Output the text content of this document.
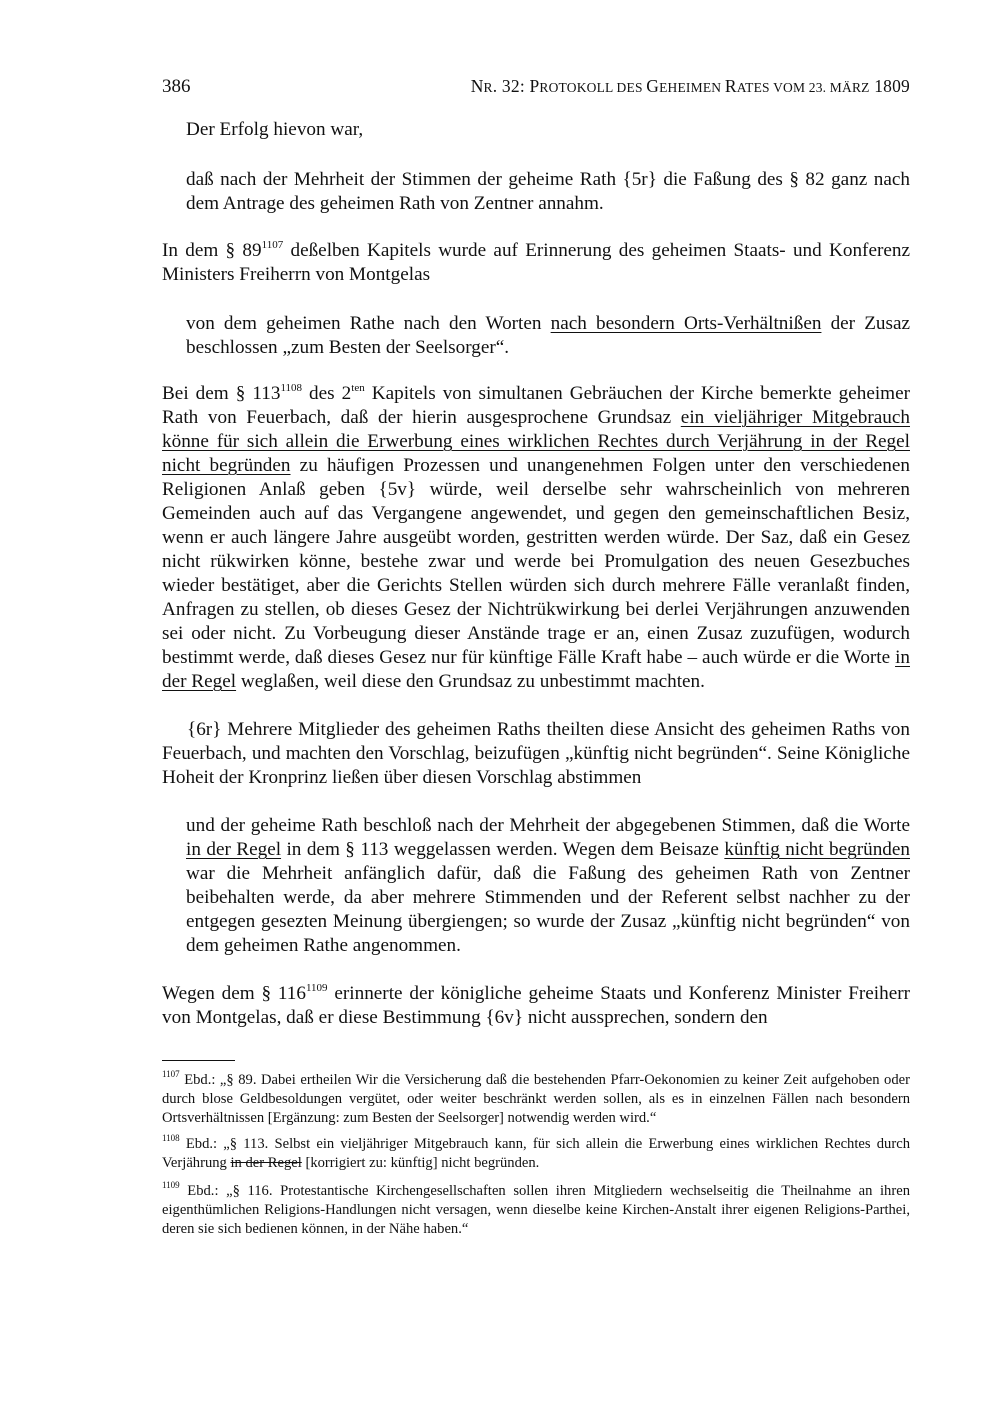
386	NR. 32: PROTOKOLL DES GEHEIMEN RATES VOM 23. MÄRZ 1809

Der Erfolg hievon war,

daß nach der Mehrheit der Stimmen der geheime Rath {5r} die Faßung des § 82 ganz nach dem Antrage des geheimen Rath von Zentner annahm.

In dem § $89^{1107}$ deßelben Kapitels wurde auf Erinnerung des geheimen Staats- und Konferenz Ministers Freiherrn von Montgelas

von dem geheimen Rathe nach den Worten nach besondern Orts-Verhältnißen der Zusaz beschlossen „zum Besten der Seelsorger“.

Bei dem § $113^{1108}$ des $2^{ten}$ Kapitels von simultanen Gebräuchen der Kirche bemerkte geheimer Rath von Feuerbach, daß der hierin ausgesprochene Grundsaz ein vieljähriger Mitgebrauch könne für sich allein die Erwerbung eines wirklichen Rechtes durch Verjährung in der Regel nicht begründen zu häufigen Prozessen und unangenehmen Folgen unter den verschiedenen Religionen Anlaß geben {5v} würde, weil derselbe sehr wahrscheinlich von mehreren Gemeinden auch auf das Vergangene angewendet, und gegen den gemeinschaftlichen Besiz, wenn er auch längere Jahre ausgeübt worden, gestritten werden würde. Der Saz, daß ein Gesez nicht rükwirken könne, bestehe zwar und werde bei Promulgation des neuen Gesezbuches wieder bestätiget, aber die Gerichts Stellen würden sich durch mehrere Fälle veranlaßt finden, Anfragen zu stellen, ob dieses Gesez der Nichtrükwirkung bei derlei Verjährungen anzuwenden sei oder nicht. Zu Vorbeugung dieser Anstände trage er an, einen Zusaz zuzufügen, wodurch bestimmt werde, daß dieses Gesez nur für künftige Fälle Kraft habe – auch würde er die Worte in der Regel weglaßen, weil diese den Grundsaz zu unbestimmt machten.

{6r} Mehrere Mitglieder des geheimen Raths theilten diese Ansicht des geheimen Raths von Feuerbach, und machten den Vorschlag, beizufügen „künftig nicht begründen“. Seine Königliche Hoheit der Kronprinz ließen über diesen Vorschlag abstimmen

und der geheime Rath beschloß nach der Mehrheit der abgegebenen Stimmen, daß die Worte in der Regel in dem § 113 weggelassen werden. Wegen dem Beisaze künftig nicht begründen war die Mehrheit anfänglich dafür, daß die Faßung des geheimen Rath von Zentner beibehalten werde, da aber mehrere Stimmenden und der Referent selbst nachher zu der entgegen gesezten Meinung übergiengen; so wurde der Zusaz „künftig nicht begründen“ von dem geheimen Rathe angenommen.

Wegen dem § $116^{1109}$ erinnerte der königliche geheime Staats und Konferenz Minister Freiherr von Montgelas, daß er diese Bestimmung {6v} nicht aussprechen, sondern den

$^{1107}$ Ebd.: „§ 89. Dabei ertheilen Wir die Versicherung daß die bestehenden Pfarr-Oekonomien zu keiner Zeit aufgehoben oder durch blose Geldbesoldungen vergütet, oder weiter beschränkt werden sollen, als es in einzelnen Fällen nach besondern Ortsverhältnissen [Ergänzung: zum Besten der Seelsorger] notwendig werden wird.“

$^{1108}$ Ebd.: „§ 113. Selbst ein vieljähriger Mitgebrauch kann, für sich allein die Erwerbung eines wirklichen Rechtes durch Verjährung in der Regel [korrigiert zu: künftig] nicht begründen.

$^{1109}$ Ebd.: „§ 116. Protestantische Kirchengesellschaften sollen ihren Mitgliedern wechselseitig die Theilnahme an ihren eigenthümlichen Religions-Handlungen nicht versagen, wenn dieselbe keine Kirchen-Anstalt ihrer eigenen Religions-Parthei, deren sie sich bedienen können, in der Nähe haben.“
